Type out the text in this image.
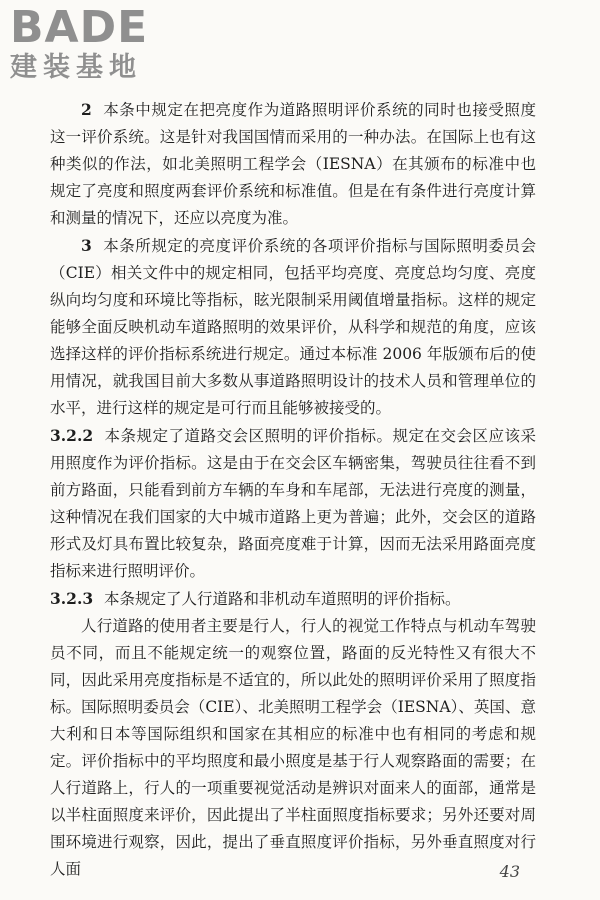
BADE
建装基地

2 本条中规定在把亮度作为道路照明评价系统的同时也接受照度这一评价系统。这是针对我国国情而采用的一种办法。在国际上也有这种类似的作法，如北美照明工程学会（IESNA）在其颁布的标准中也规定了亮度和照度两套评价系统和标准值。但是在有条件进行亮度计算和测量的情况下，还应以亮度为准。

3 本条所规定的亮度评价系统的各项评价指标与国际照明委员会（CIE）相关文件中的规定相同，包括平均亮度、亮度总均匀度、亮度纵向均匀度和环境比等指标，眩光限制采用阈值增量指标。这样的规定能够全面反映机动车道路照明的效果评价，从科学和规范的角度，应该选择这样的评价指标系统进行规定。通过本标准 2006 年版颁布后的使用情况，就我国目前大多数从事道路照明设计的技术人员和管理单位的水平，进行这样的规定是可行而且能够被接受的。

3.2.2 本条规定了道路交会区照明的评价指标。规定在交会区应该采用照度作为评价指标。这是由于在交会区车辆密集，驾驶员往往看不到前方路面，只能看到前方车辆的车身和车尾部，无法进行亮度的测量，这种情况在我们国家的大中城市道路上更为普遍；此外，交会区的道路形式及灯具布置比较复杂，路面亮度难于计算，因而无法采用路面亮度指标来进行照明评价。

3.2.3 本条规定了人行道路和非机动车道照明的评价指标。

人行道路的使用者主要是行人，行人的视觉工作特点与机动车驾驶员不同，而且不能规定统一的观察位置，路面的反光特性又有很大不同，因此采用亮度指标是不适宜的，所以此处的照明评价采用了照度指标。国际照明委员会（CIE）、北美照明工程学会（IESNA）、英国、意大利和日本等国际组织和国家在其相应的标准中也有相同的考虑和规定。评价指标中的平均照度和最小照度是基于行人观察路面的需要；在人行道路上，行人的一项重要视觉活动是辨识对面来人的面部，通常是以半柱面照度来评价，因此提出了半柱面照度指标要求；另外还要对周围环境进行观察，因此，提出了垂直照度评价指标，另外垂直照度对行人面	43
